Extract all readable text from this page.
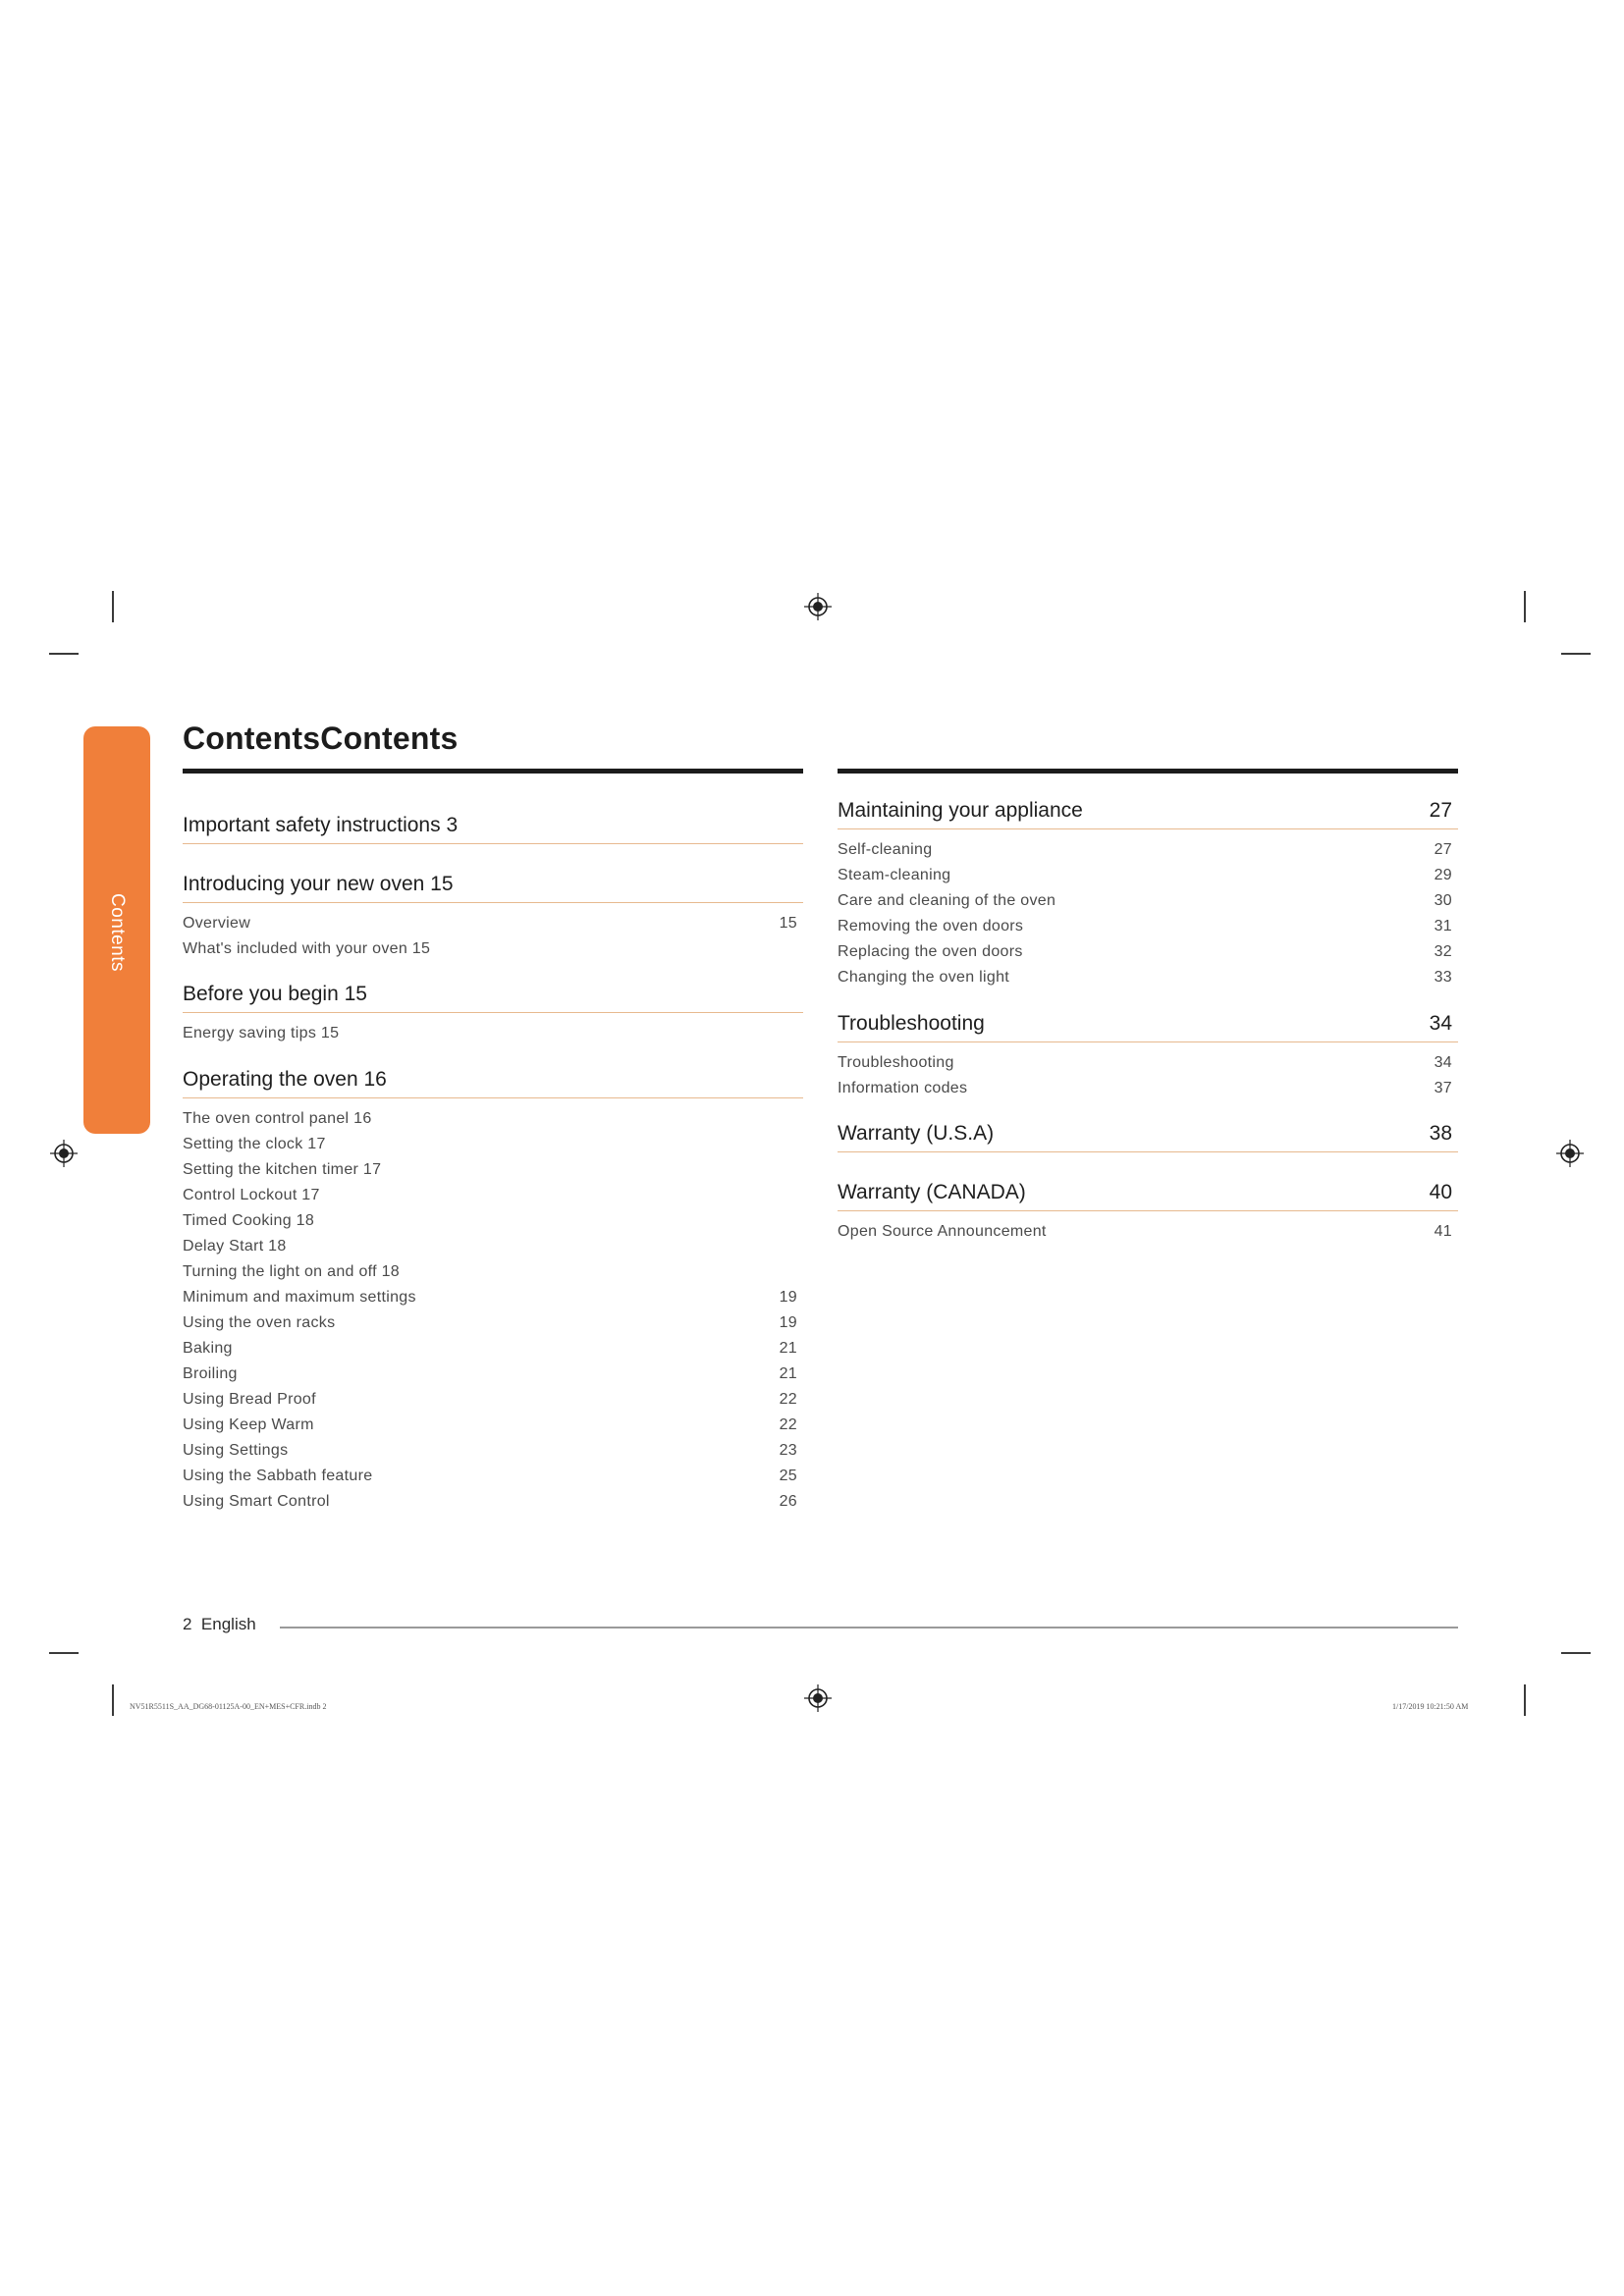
Contents
ContentsContents
Important safety instructions 3
Introducing your new oven 15
Overview	15
What's included with your oven 15
Before you begin 15
Energy saving tips 15
Operating the oven 16
The oven control panel 16
Setting the clock 17
Setting the kitchen timer 17
Control Lockout 17
Timed Cooking 18
Delay Start 18
Turning the light on and off 18
Minimum and maximum settings	19
Using the oven racks	19
Baking	21
Broiling	21
Using Bread Proof	22
Using Keep Warm	22
Using Settings	23
Using the Sabbath feature	25
Using Smart Control	26
Maintaining your appliance	27
Self-cleaning	27
Steam-cleaning	29
Care and cleaning of the oven	30
Removing the oven doors	31
Replacing the oven doors	32
Changing the oven light	33
Troubleshooting	34
Troubleshooting	34
Information codes	37
Warranty (U.S.A)	38
Warranty (CANADA)	40
Open Source Announcement	41
2 English
NV51R5511S_AA_DG68-01125A-00_EN+MES+CFR.indb 2	1/17/2019 10:21:50 AM
